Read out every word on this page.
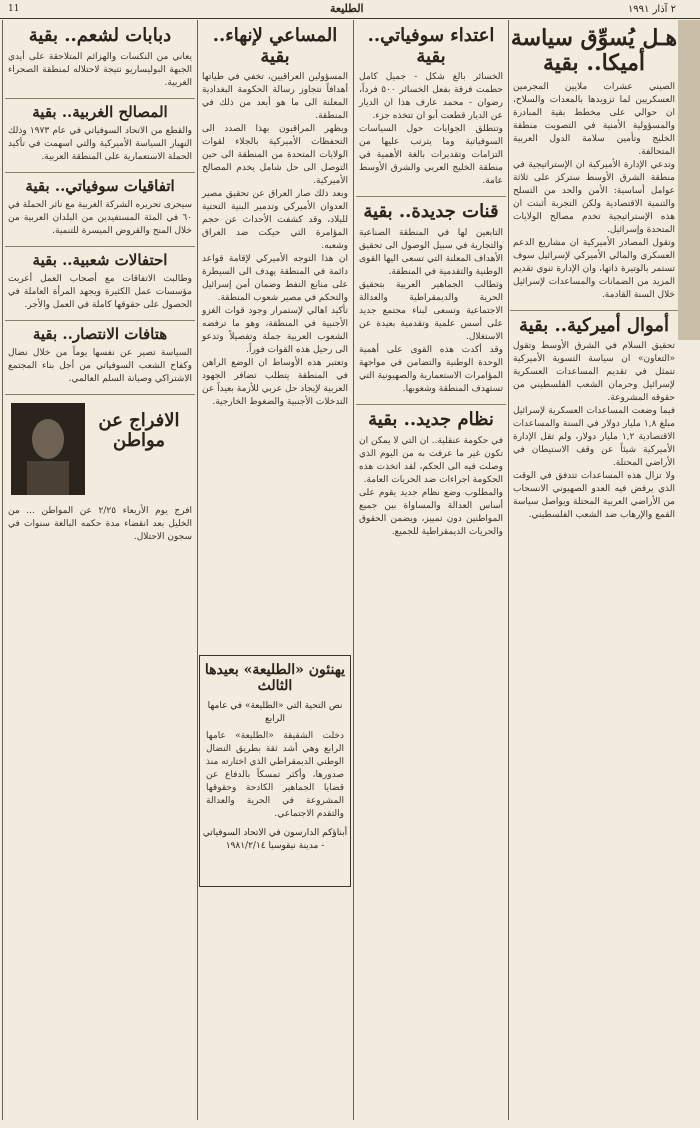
٢ آذار ١٩٩١
الطليعة
11
هـل يُسوِّق سياسة أميكا.. بقية

الصيني عشرات ملايين المجرمين العسكريين لما تزويدها بالمعدات والسلاح، ان حوالي على مخطط بقية المبادرة والمسؤولية الأمنية في التصويت منطقة الخليج وتأمين سلامة الدول العربية المتحالفة.

وتدعي الإدارة الأميركية ان الإستراتيجية في منطقة الشرق الأوسط ستركز على ثلاثة عوامل أساسية: الأمن والحد من التسلح والتنمية الاقتصادية ولكن التجربة أثبتت ان هذه الإستراتيجية تخدم مصالح الولايات المتحدة وإسرائيل.

وتقول المصادر الأميركية ان مشاريع الدعم العسكري والمالي الأميركي لإسرائيل سوف تستمر بالوتيرة ذاتها، وان الإدارة تنوي تقديم المزيد من الضمانات والمساعدات لإسرائيل خلال السنة القادمة.

أموال أميركية.. بقية

تحقيق السلام في الشرق الأوسط وتقول «التعاون» ان سياسة التسوية الأميركية تتمثل في تقديم المساعدات العسكرية لإسرائيل وحرمان الشعب الفلسطيني من حقوقه المشروعة.

فيما وضعت المساعدات العسكرية لإسرائيل مبلغ ١,٨ مليار دولار في السنة والمساعدات الاقتصادية ١,٢ مليار دولار، ولم تقل الإدارة الأميركية شيئاً عن وقف الاستيطان في الأراضي المحتلة.

ولا تزال هذه المساعدات تتدفق في الوقت الذي يرفض فيه العدو الصهيوني الانسحاب من الأراضي العربية المحتلة ويواصل سياسة القمع والإرهاب ضد الشعب الفلسطيني.

اعتداء سوفياتي.. بقية

الخسائر بالغ شكل - جميل كامل حطمت فرقة بفعل الخسائر ٥٠٠ فرداً، رضوان - محمد عارف هذا ان الديار عن الديار قطعت أبو ان تتخذه جزء.

وتنطلق الجوابات حول السياسات السوفياتية وما يترتب عليها من التزامات وتقديرات بالغة الأهمية في منطقة الخليج العربي والشرق الأوسط عامة.

قنات جديدة.. بقية

التابعين لها في المنطقة الصناعية والتجارية في سبيل الوصول الى تحقيق الأهداف المعلنة التي تسعى اليها القوى الوطنية والتقدمية في المنطقة.

وتطالب الجماهير العربية بتحقيق الحرية والديمقراطية والعدالة الاجتماعية وتسعى لبناء مجتمع جديد على أسس علمية وتقدمية بعيدة عن الاستغلال.

وقد أكدت هذه القوى على أهمية الوحدة الوطنية والتضامن في مواجهة المؤامرات الاستعمارية والصهيونية التي تستهدف المنطقة وشعوبها.

نظام جديد.. بقية

في حكومة عنقلية.. ان التي لا يمكن ان تكون غير ما عرفت به من اليوم الذي وصلت فيه الى الحكم، لقد اتخذت هذه الحكومة اجراءات ضد الحريات العامة.

والمطلوب وضع نظام جديد يقوم على أساس العدالة والمساواة بين جميع المواطنين دون تمييز، ويضمن الحقوق والحريات الديمقراطية للجميع.

المساعي لإنهاء.. بقية

المسؤولين العراقيين، تخفي في طياتها أهدافاً تتجاوز رسالة الحكومة البغدادية المعلنة الى ما هو أبعد من ذلك في المنطقة.

ويظهر المراقبون بهذا الصدد الى التحفظات الأميركية بالجلاء لقوات الولايات المتحدة من المنطقة الى حين التوصل الى حل شامل يخدم المصالح الأميركية.

وبعد ذلك صار العراق عن تحقيق مصير العدوان الأميركي وتدمير البنية التحتية للبلاد، وقد كشفت الأحداث عن حجم المؤامرة التي حيكت ضد العراق وشعبه.

ان هذا التوجه الأميركي لإقامة قواعد دائمة في المنطقة يهدف الى السيطرة على منابع النفط وضمان أمن إسرائيل والتحكم في مصير شعوب المنطقة.

تأكيد اهالي لإستمرار وجود قوات الغزو الأجنبية في المنطقة، وهو ما ترفضه الشعوب العربية جملة وتفصيلاً وتدعو الى رحيل هذه القوات فوراً.

وتعتبر هذه الأوساط ان الوضع الراهن في المنطقة يتطلب تضافر الجهود العربية لإيجاد حل عربي للأزمة بعيداً عن التدخلات الأجنبية والضغوط الخارجية.

يهنئون «الطليعة» بعيدها الثالث
نص التحية التي «الطليعة» في عامها الرابع

دخلت الشقيقة «الطليعة» عامها الرابع وهي أشد ثقة بطريق النضال الوطني الديمقراطي الذي اختارته منذ صدورها، وأكثر تمسكاً بالدفاع عن قضايا الجماهير الكادحة وحقوقها المشروعة في الحرية والعدالة والتقدم الاجتماعي.

أبناؤكم الدارسون في الاتحاد السوفياتي - مدينة نيقوسيا ١٩٨١/٢/١٤
دبابات لشعم.. بقية

يعاني من النكسات والهزائم المتلاحقة على أيدي الجبهة البوليساريو نتيجة لاحتلاله لمنطقة الصحراء الغربية.

المصالح الغربية.. بقية

والقطع من الاتحاد السوفياتي في عام ١٩٧٣ وذلك النهيار السياسة الأميركية والتي اسهمت في تأكيد الحملة الاستعمارية على المنطقة العربية.

اتفاقيات سوفياتي.. بقية

سيحرى تحريره الشركة الغربية مع ناثر الحملة في ٦٠ في المئة المستفيدين من البلدان العربية من خلال المنح والقروض الميسرة للتنمية.

احتفالات شعبية.. بقية

وطالبت الاتفاقات مع أصحاب العمل أعربت مؤسسات عمل الكثيرة ويجهد المرأة العاملة في الحصول على حقوقها كاملة في العمل والأجر.

هتافات الانتصار.. بقية

السياسة تصير عن نفسها يوماً من خلال نضال وكفاح الشعب السوفياتي من أجل بناء المجتمع الاشتراكي وصيانة السلم العالمي.

الافراج عن مواطن

افرج يوم الأربعاء ٢/٢٥ عن المواطن ... من الخليل بعد انقضاء مدة حكمه البالغة سنوات في سجون الاحتلال.
